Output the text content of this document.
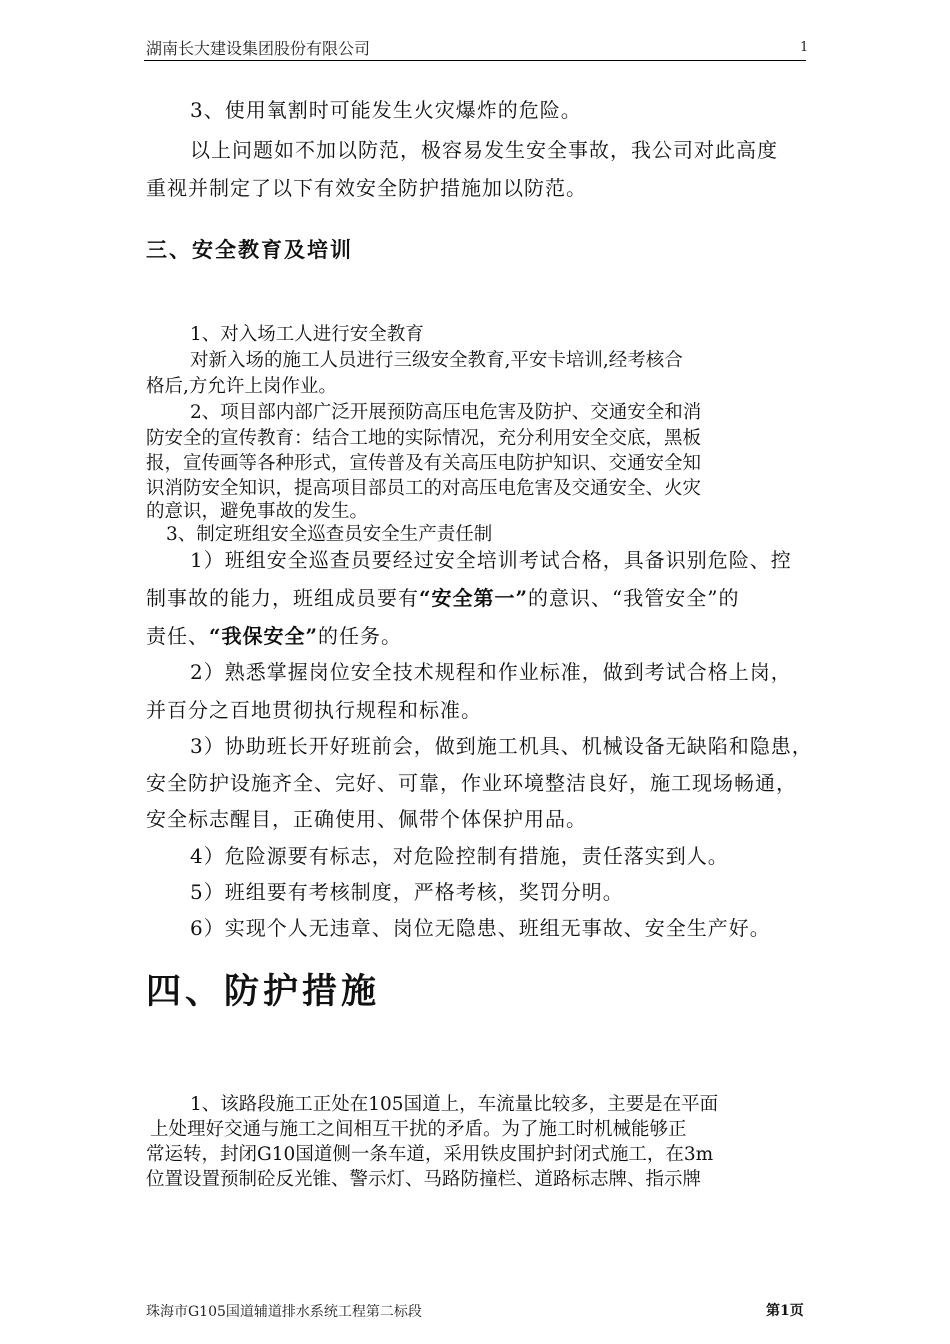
湖南长大建设集团股份有限公司	1
3、使用氧割时可能发生火灾爆炸的危险。
以上问题如不加以防范，极容易发生安全事故，我公司对此高度
重视并制定了以下有效安全防护措施加以防范。
三、安全教育及培训
1、对入场工人进行安全教育
对新入场的施工人员进行三级安全教育,平安卡培训,经考核合
格后,方允许上岗作业。
2、项目部内部广泛开展预防高压电危害及防护、交通安全和消
防安全的宣传教育：结合工地的实际情况，充分利用安全交底，黑板
报，宣传画等各种形式，宣传普及有关高压电防护知识、交通安全知
识消防安全知识，提高项目部员工的对高压电危害及交通安全、火灾
的意识，避免事故的发生。
3、制定班组安全巡查员安全生产责任制
1）班组安全巡查员要经过安全培训考试合格，具备识别危险、控
制事故的能力，班组成员要有“安全第一”的意识、“我管安全”的
责任、“我保安全”的任务。
2）熟悉掌握岗位安全技术规程和作业标准，做到考试合格上岗，
并百分之百地贯彻执行规程和标准。
3）协助班长开好班前会，做到施工机具、机械设备无缺陷和隐患，
安全防护设施齐全、完好、可靠，作业环境整洁良好，施工现场畅通，
安全标志醒目，正确使用、佩带个体保护用品。
4）危险源要有标志，对危险控制有措施，责任落实到人。
5）班组要有考核制度，严格考核，奖罚分明。
6）实现个人无违章、岗位无隐患、班组无事故、安全生产好。
四、防护措施
1、该路段施工正处在105国道上，车流量比较多，主要是在平面
上处理好交通与施工之间相互干扰的矛盾。为了施工时机械能够正
常运转，封闭G10国道侧一条车道，采用铁皮围护封闭式施工，在3m
位置设置预制砼反光锥、警示灯、马路防撞栏、道路标志牌、指示牌
珠海市G105国道辅道排水系统工程第二标段	第1页
